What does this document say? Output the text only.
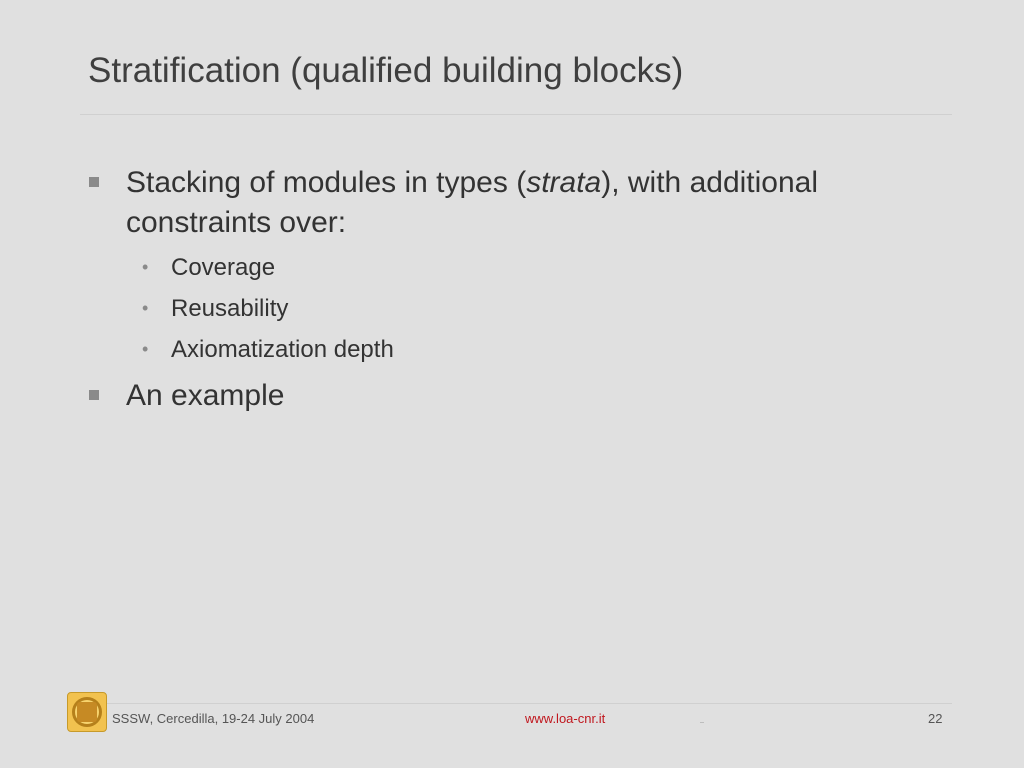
Stratification (qualified building blocks)
Stacking of modules in types (strata), with additional constraints over:
• Coverage
• Reusability
• Axiomatization depth
An example
SSSW, Cercedilla, 19-24 July 2004	www.loa-cnr.it	22
